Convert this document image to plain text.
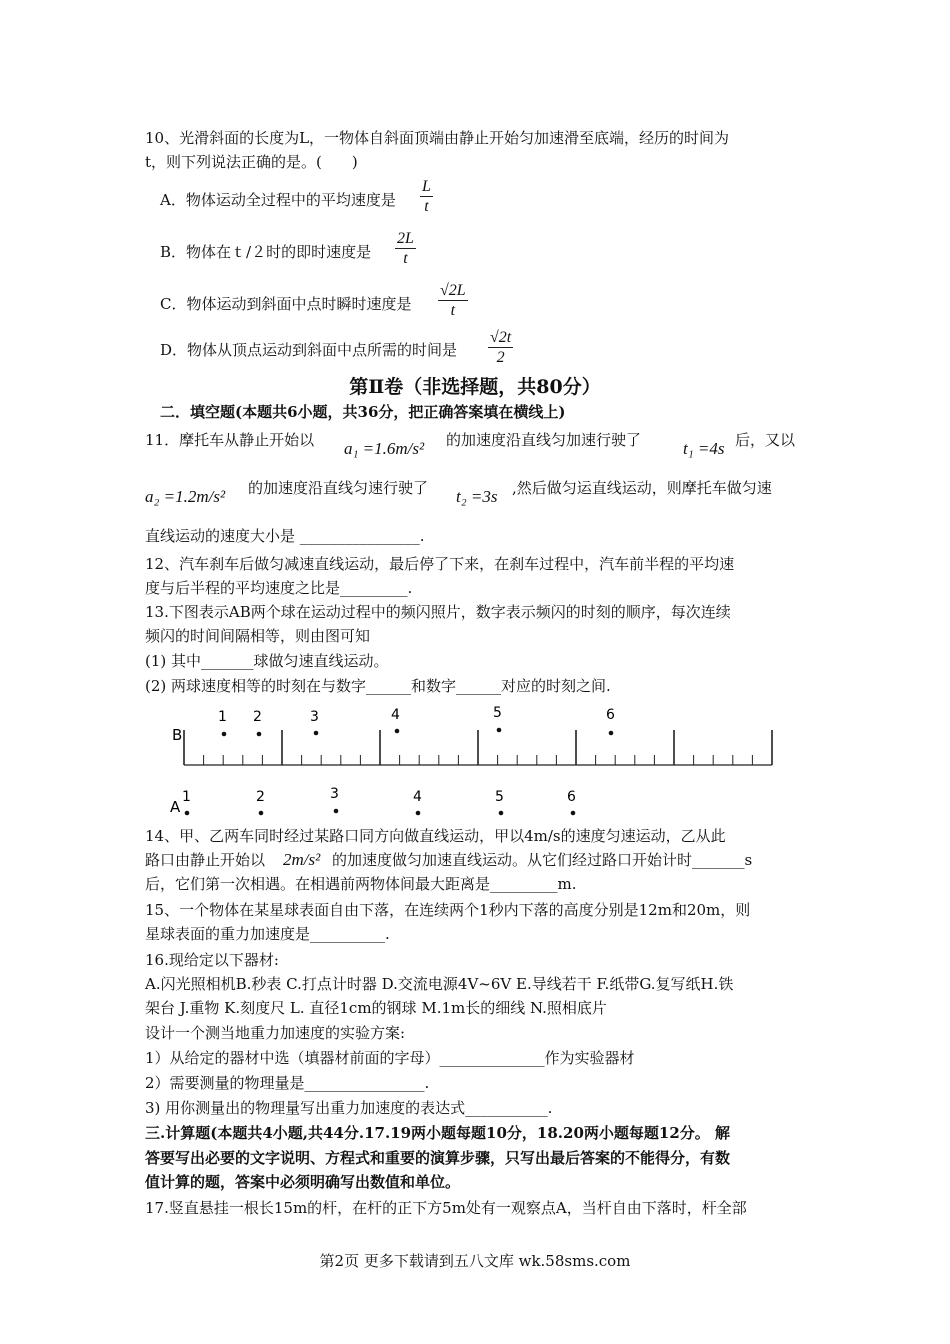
10、光滑斜面的长度为L，一物体自斜面顶端由静止开始匀加速滑至底端，经历的时间为
t，则下列说法正确的是。(　　)
A．物体运动全过程中的平均速度是 $\frac{L}{t}$
B．物体在ｔ/２时的即时速度是 $\frac{2L}{t}$
C．物体运动到斜面中点时瞬时速度是 $\frac{√2L}{t}$
D．物体从顶点运动到斜面中点所需的时间是 $\frac{√2t}{2}$
第Ⅱ卷（非选择题，共80分）
二．填空题(本题共6小题，共36分，把正确答案填在横线上)
11．摩托车从静止开始以 a₁ =1.6m/s² 的加速度沿直线匀加速行驶了 t₁ =4s 后，又以
a₂ =1.2m/s² 的加速度沿直线匀速行驶了 t₂ =3s ,然后做匀运直线运动，则摩托车做匀速
直线运动的速度大小是 ________________.
12、汽车刹车后做匀减速直线运动，最后停了下来，在刹车过程中，汽车前半程的平均速
度与后半程的平均速度之比是_________.
13.下图表示AB两个球在运动过程中的频闪照片，数字表示频闪的时刻的顺序，每次连续
频闪的时间间隔相等，则由图可知
(1) 其中_______球做匀速直线运动。
(2) 两球速度相等的时刻在与数字______和数字______对应的时刻之间.
B
A
1 2	3	4	5	6
1	2	3	4	5	6
14、甲、乙两车同时经过某路口同方向做直线运动，甲以4m/s的速度匀速运动，乙从此
路口由静止开始以 2m/s² 的加速度做匀加速直线运动。从它们经过路口开始计时_______s
后，它们第一次相遇。在相遇前两物体间最大距离是_________m.
15、一个物体在某星球表面自由下落，在连续两个1秒内下落的高度分别是12m和20m，则
星球表面的重力加速度是__________.
16.现给定以下器材:
A.闪光照相机B.秒表 C.打点计时器 D.交流电源4V~6V E.导线若干 F.纸带G.复写纸H.铁
架台 J.重物 K.刻度尺 L. 直径1cm的钢球 M.1m长的细线 N.照相底片
设计一个测当地重力加速度的实验方案:
1）从给定的器材中选（填器材前面的字母）______________作为实验器材
2）需要测量的物理量是________________.
3) 用你测量出的物理量写出重力加速度的表达式___________.
三.计算题(本题共4小题,共44分.17.19两小题每题10分，18.20两小题每题12分。 解
答要写出必要的文字说明、方程式和重要的演算步骤，只写出最后答案的不能得分，有数
值计算的题，答案中必须明确写出数值和单位。
17.竖直悬挂一根长15m的杆，在杆的正下方5m处有一观察点A，当杆自由下落时，杆全部
第2页 更多下载请到五八文库 wk.58sms.com
